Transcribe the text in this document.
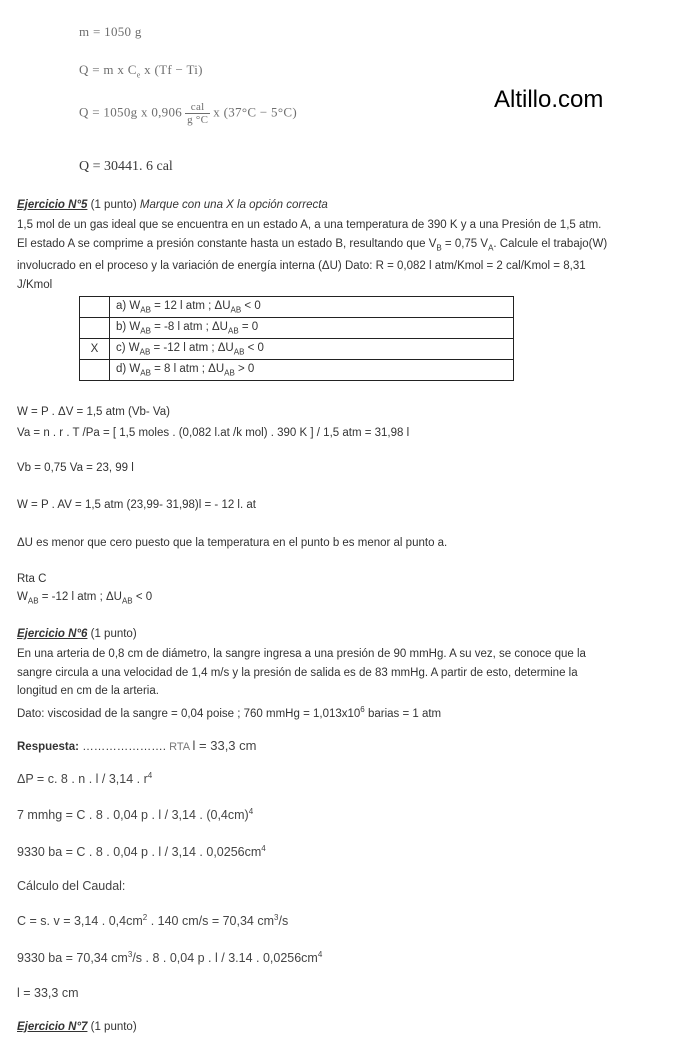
m = 1050 g
Q = m x $C_e$ x (Tf − Ti)
Q = 1050g x $0,906 \frac{\text{cal}}{g ^\circ C}$ x (37°C − 5°C)
Q = 30441. 6 cal
Altillo.com
Ejercicio N°5 (1 punto) Marque con una X la opción correcta
1,5 mol de un gas ideal que se encuentra en un estado A, a una temperatura de 390 K y a una Presión de 1,5 atm.
El estado A se comprime a presión constante hasta un estado B, resultando que $V_B = 0,75$ $V_A$. Calcule el trabajo(W)
involucrado en el proceso y la variación de energía interna (ΔU) Dato: R = 0,082 l atm/Kmol = 2 cal/Kmol = 8,31
J/Kmol
	a) $W_{AB} = 12$ l atm ; $\Delta U_{AB} < 0$
	b) $W_{AB} = -8$ l atm ; $\Delta U_{AB} = 0$
X	c) $W_{AB} = -12$ l atm ; $\Delta U_{AB} < 0$
	d) $W_{AB} = 8$ l atm ; $\Delta U_{AB} > 0$
W = P . ΔV = 1,5 atm (Vb- Va)
Va = n . r . T /Pa = [ 1,5 moles . (0,082 l.at /k mol) . 390 K ] / 1,5 atm = 31,98 l
Vb = 0,75 Va = 23, 99 l
W = P . AV = 1,5 atm (23,99- 31,98)l = - 12 l. at
ΔU es menor que cero puesto que la temperatura en el punto b es menor al punto a.
Rta C
$W_{AB} = -12$ l atm ; $\Delta U_{AB} < 0$
Ejercicio N°6 (1 punto)
En una arteria de 0,8 cm de diámetro, la sangre ingresa a una presión de 90 mmHg. A su vez, se conoce que la
sangre circula a una velocidad de 1,4 m/s y la presión de salida es de 83 mmHg. A partir de esto, determine la
longitud en cm de la arteria.
Dato: viscosidad de la sangre = 0,04 poise ; 760 mmHg = $1,013x10^6$ barias = 1 atm
Respuesta: …………………. RTA l = 33,3 cm
ΔP = c. 8 . n . l / 3,14 . $r^4$
7 mmhg = C . 8 . 0,04 p . l / 3,14 . $(0,4cm)^4$
9330 ba = C . 8 . 0,04 p . l / 3,14 . $0,0256cm^4$
Cálculo del Caudal:
C = s. v = 3,14 . $0,4cm^2$ . 140 cm/s = 70,34 $cm^3/s$
9330 ba = 70,34 $cm^3/s$ . 8 . 0,04 p . l / 3.14 . $0,0256cm^4$
l = 33,3 cm
Ejercicio N°7 (1 punto)
